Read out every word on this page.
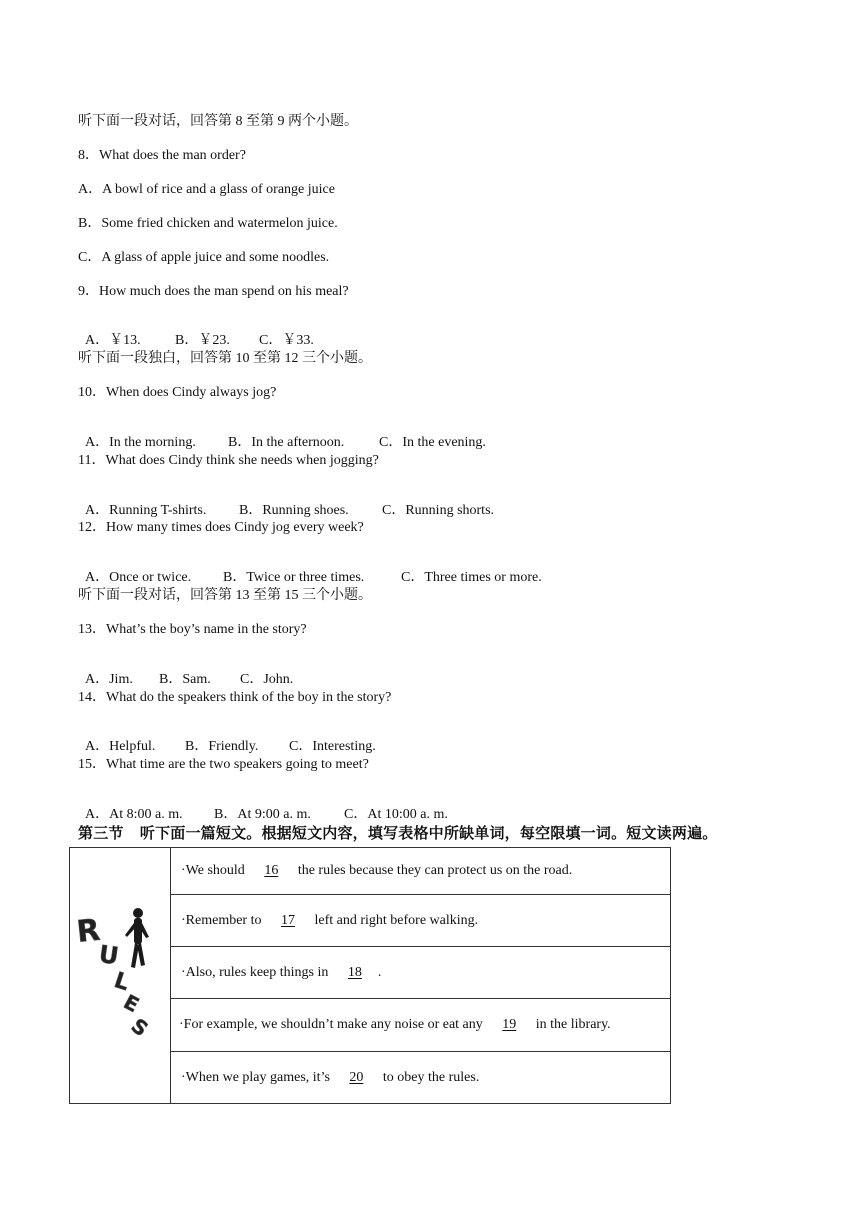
听下面一段对话，回答第 8 至第 9 两个小题。
8．What does the man order?
A．A bowl of rice and a glass of orange juice
B．Some fried chicken and watermelon juice.
C．A glass of apple juice and some noodles.
9．How much does the man spend on his meal?

A．￥13. B．￥23. C．￥33.

听下面一段独白，回答第 10 至第 12 三个小题。
10．When does Cindy always jog?

A．In the morning. B．In the afternoon. C．In the evening.

11．What does Cindy think she needs when jogging?

A．Running T-shirts. B．Running shoes. C．Running shorts.

12．How many times does Cindy jog every week?

A．Once or twice. B．Twice or three times.	C．Three times or more.

听下面一段对话，回答第 13 至第 15 三个小题。
13．What’s the boy’s name in the story?

A．Jim. B．Sam. C．John.

14．What do the speakers think of the boy in the story?

A．Helpful. B．Friendly. C．Interesting.

15．What time are the two speakers going to meet?

A．At 8:00 a. m. B．At 9:00 a. m. C．At 10:00 a. m.

第三节   听下面一篇短文。根据短文内容，填写表格中所缺单词，每空限填一词。短文读两遍。
R
U
L
E
S
	·We should 16 the rules because they can protect us on the road.
·Remember to 17 left and right before walking.
·Also, rules keep things in 18 .
·For example, we shouldn’t make any noise or eat any 19 in the library.
·When we play games, it’s 20 to obey the rules.
